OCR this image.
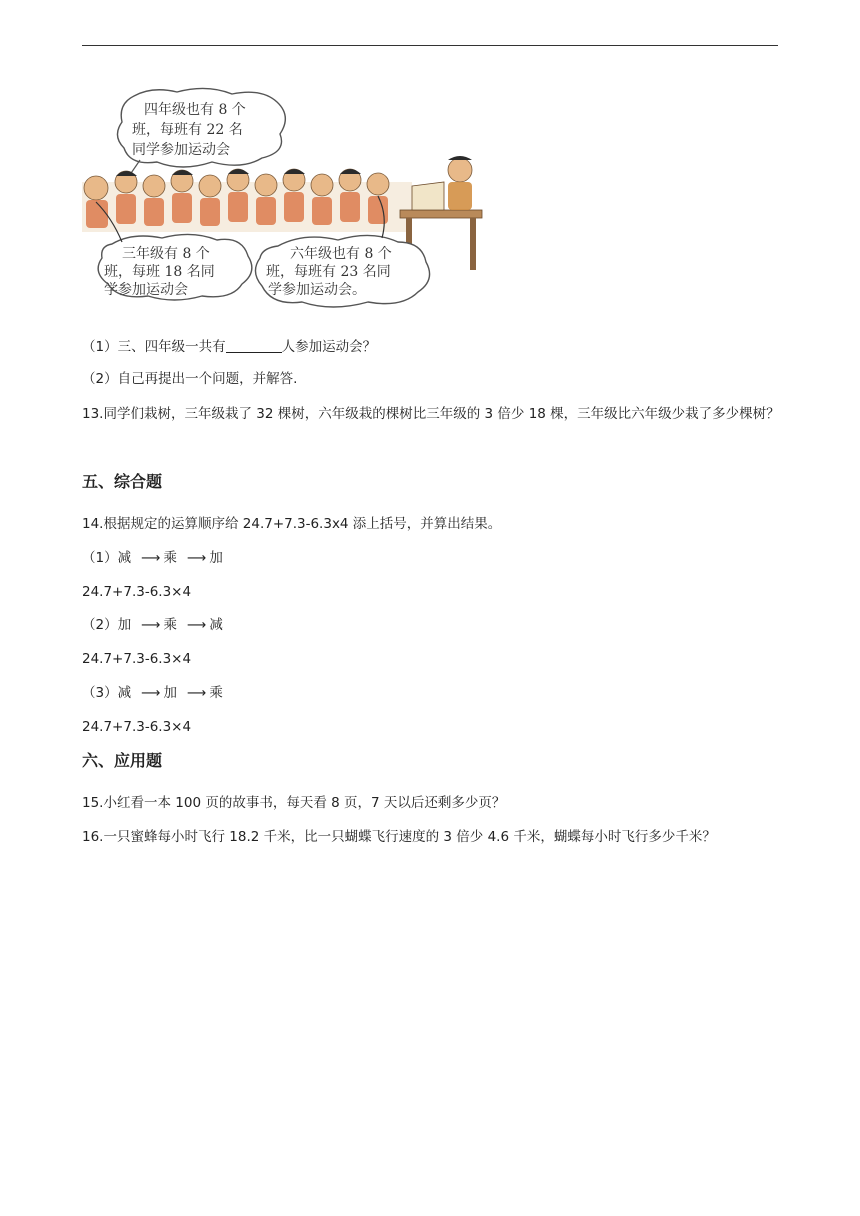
四年级也有 8 个
班，每班有 22 名
同学参加运动会
三年级有 8 个
班，每班 18 名同
学参加运动会
六年级也有 8 个
班，每班有 23 名同
学参加运动会。
（1）三、四年级一共有	人参加运动会？
（2）自己再提出一个问题，并解答.
13.同学们栽树，三年级栽了 32 棵树，六年级栽的棵树比三年级的 3 倍少 18 棵，三年级比六年级少栽了多少棵树？
五、综合题
14.根据规定的运算顺序给 24.7+7.3-6.3x4 添上括号，并算出结果。
（1）减 ⟶ 乘 ⟶ 加
24.7+7.3-6.3×4
（2）加 ⟶ 乘 ⟶ 减
24.7+7.3-6.3×4
（3）减 ⟶ 加 ⟶ 乘
24.7+7.3-6.3×4
六、应用题
15.小红看一本 100 页的故事书，每天看 8 页，7 天以后还剩多少页？
16.一只蜜蜂每小时飞行 18.2 千米，比一只蝴蝶飞行速度的 3 倍少 4.6 千米，蝴蝶每小时飞行多少千米？
